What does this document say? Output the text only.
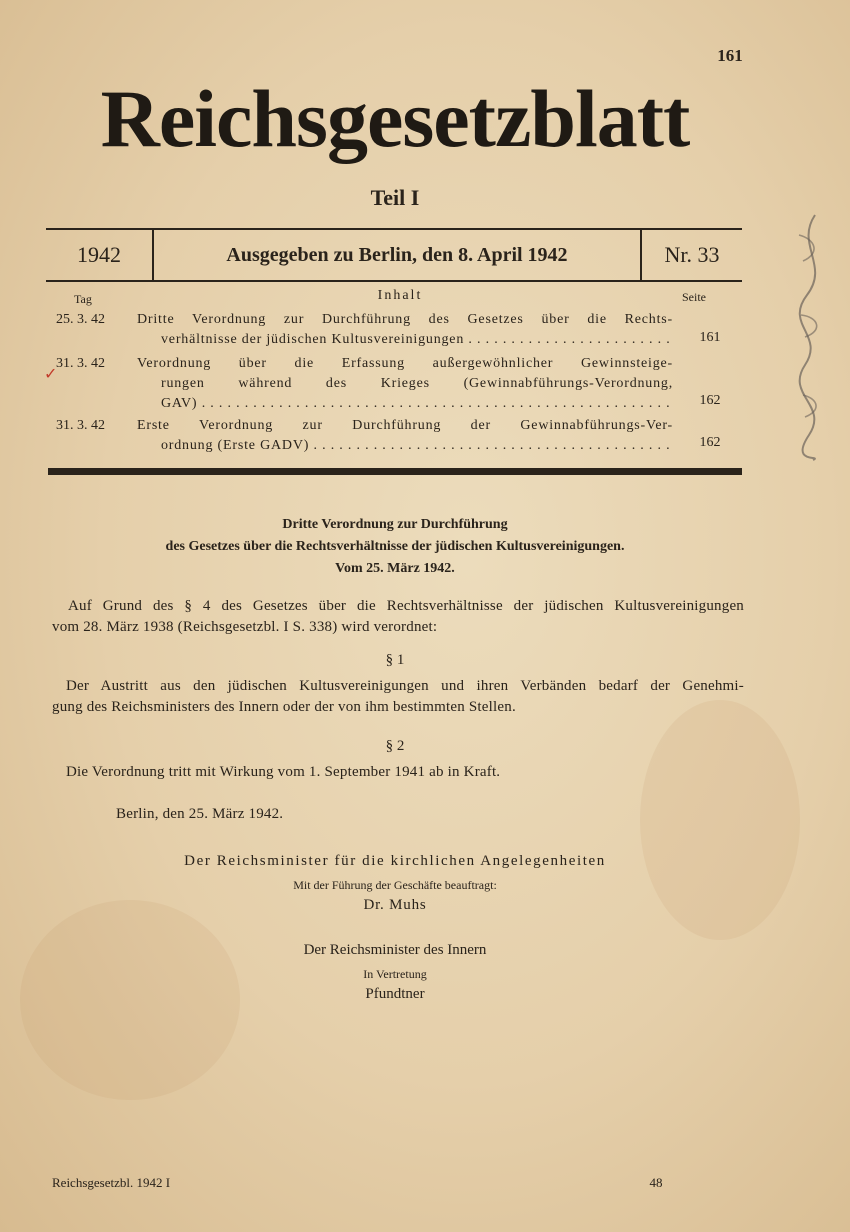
161
Reichsgesetzblatt
Teil I
1942	Ausgegeben zu Berlin, den 8. April 1942	Nr. 33
Tag	Inhalt	Seite
25. 3. 42	Dritte Verordnung zur Durchführung des Gesetzes über die Rechts-
verhältnisse der jüdischen Kultusvereinigungen . . .	161
✓
31. 3. 42	Verordnung über die Erfassung außergewöhnlicher Gewinnsteige-
rungen während des Krieges (Gewinnabführungs-Verordnung,
GAV) . . .	162
31. 3. 42	Erste Verordnung zur Durchführung der Gewinnabführungs-Ver-
ordnung (Erste GADV) . . .	162
Dritte Verordnung zur Durchführung
des Gesetzes über die Rechtsverhältnisse der jüdischen Kultusvereinigungen.
Vom 25. März 1942.
Auf Grund des § 4 des Gesetzes über die Rechtsverhältnisse der jüdischen Kultusvereinigungen
vom 28. März 1938 (Reichsgesetzbl. I S. 338) wird verordnet:
§ 1
Der Austritt aus den jüdischen Kultusvereinigungen und ihren Verbänden bedarf der Genehmi-
gung des Reichsministers des Innern oder der von ihm bestimmten Stellen.
§ 2
Die Verordnung tritt mit Wirkung vom 1. September 1941 ab in Kraft.
Berlin, den 25. März 1942.
Der Reichsminister für die kirchlichen Angelegenheiten
Mit der Führung der Geschäfte beauftragt:
Dr. Muhs
Der Reichsminister des Innern
In Vertretung
Pfundtner
Reichsgesetzbl. 1942 I	48
